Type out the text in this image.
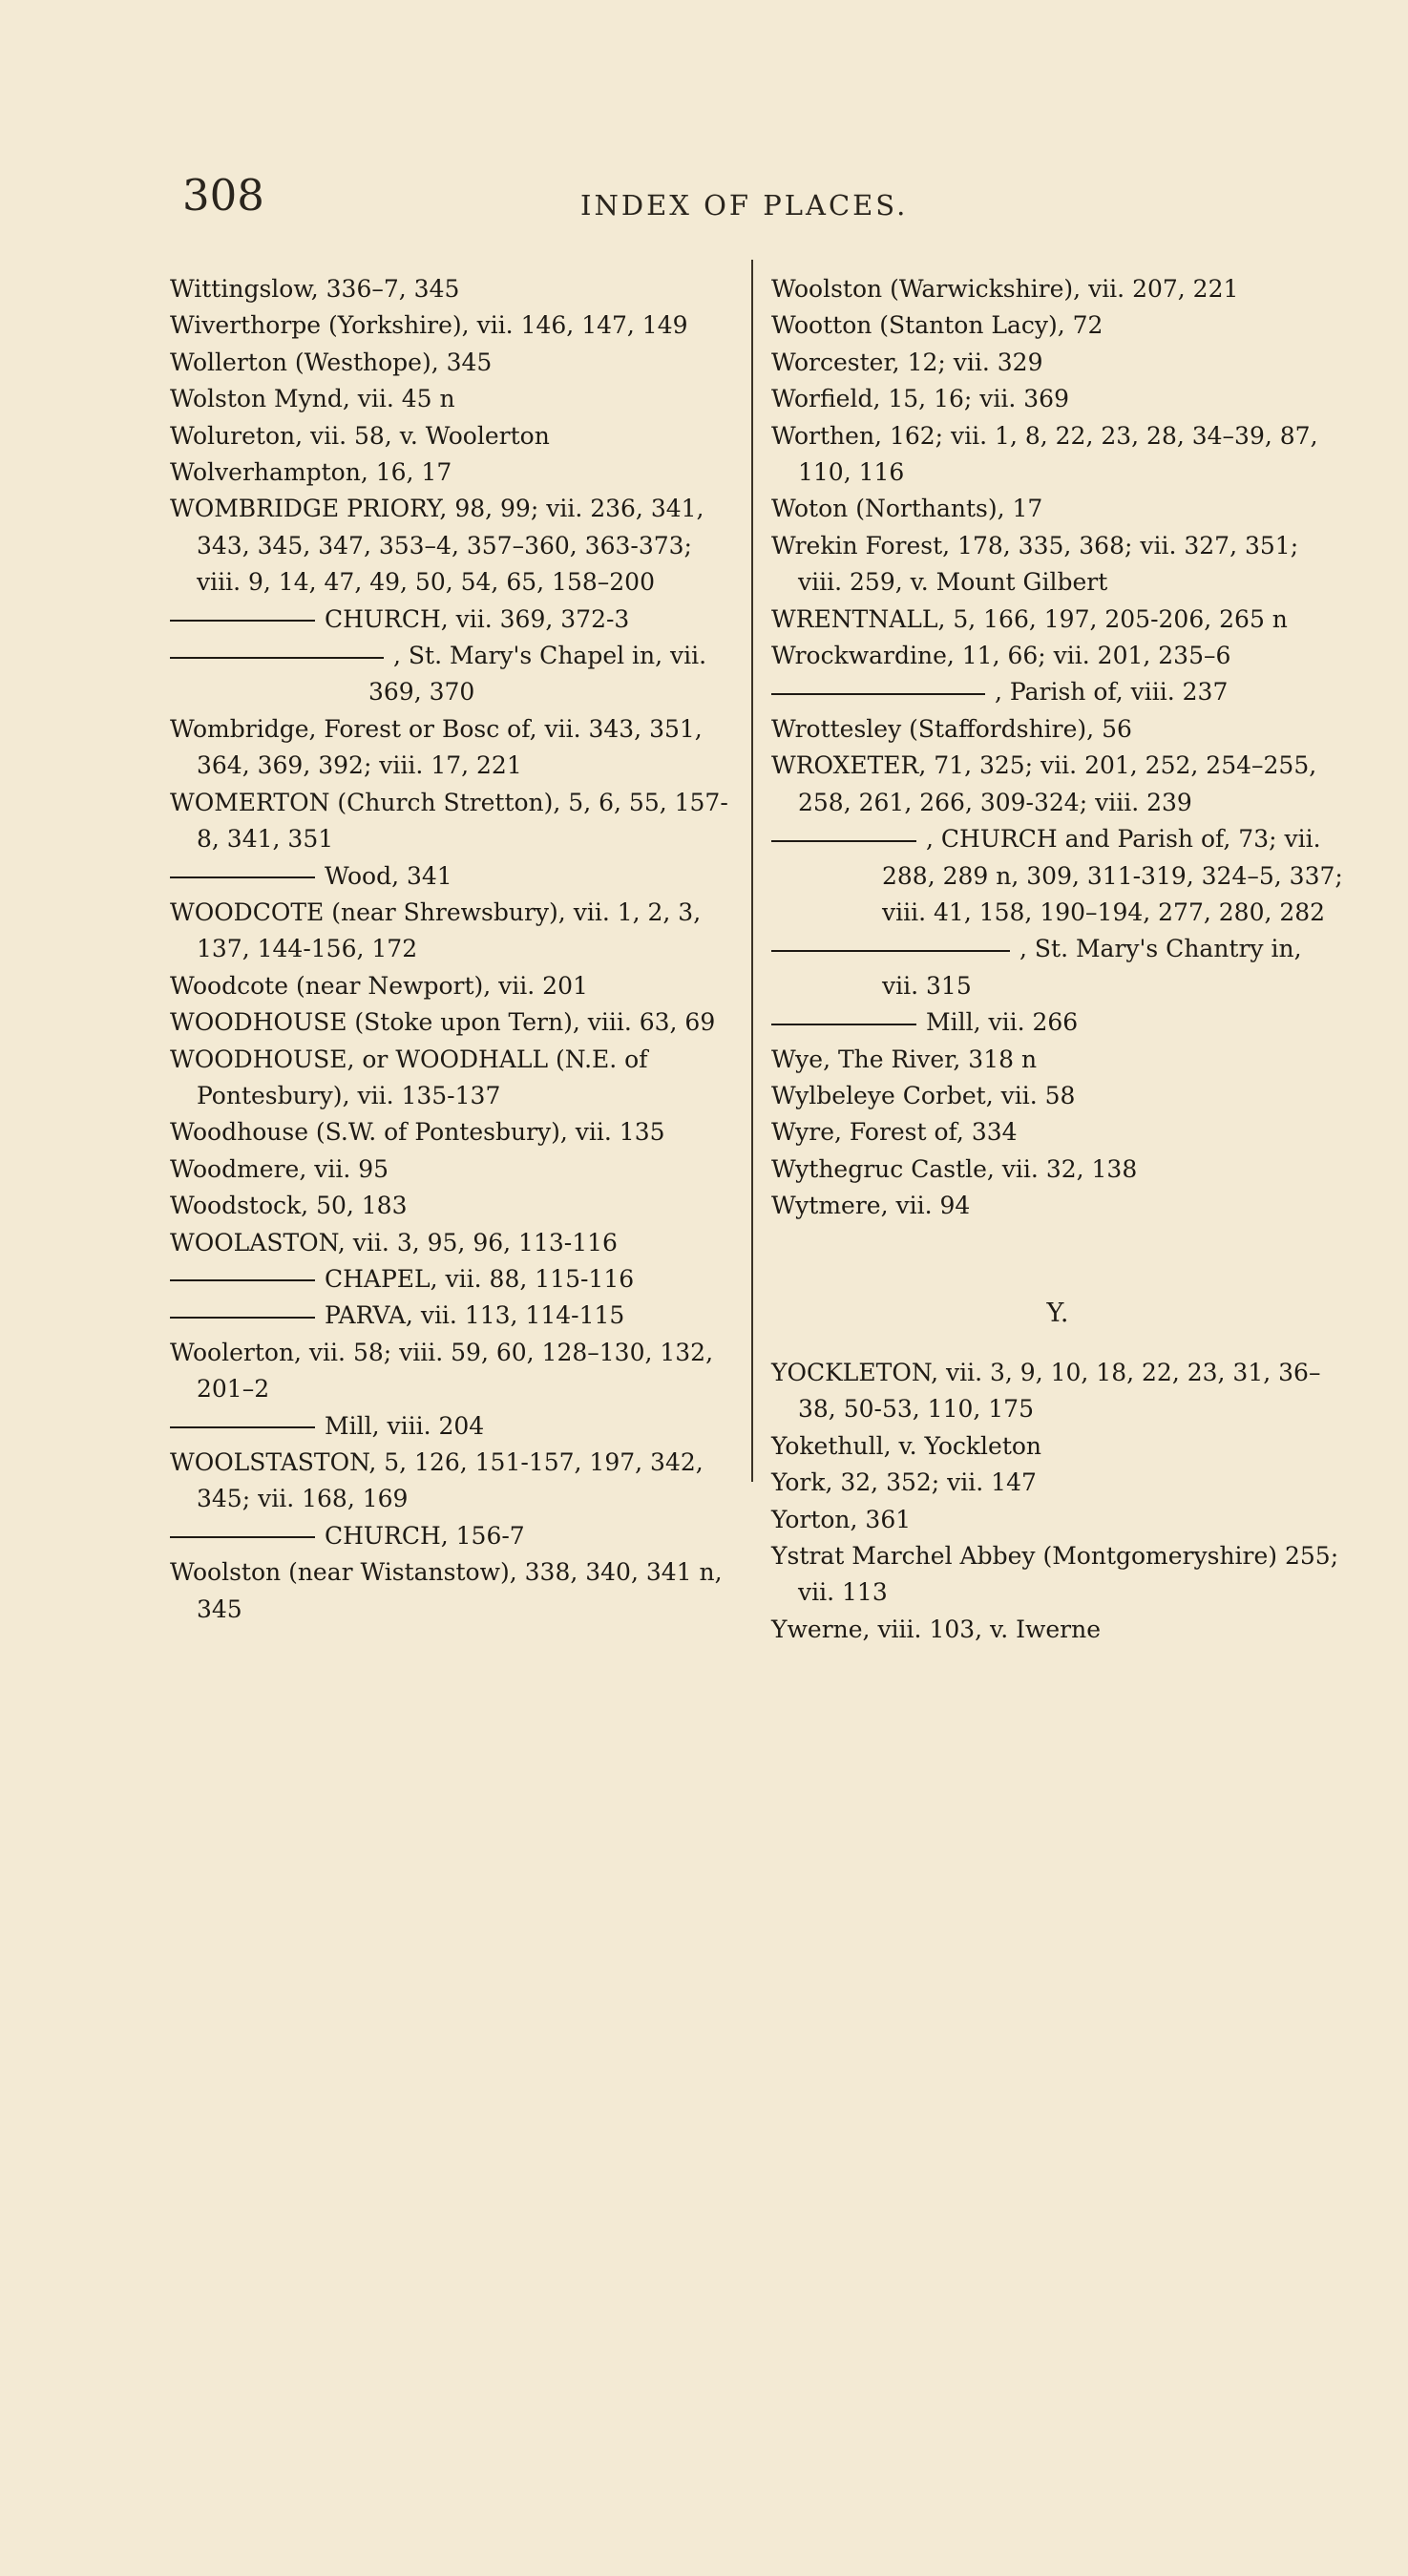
308	INDEX OF PLACES.
Wittingslow, 336–7, 345
Wiverthorpe (Yorkshire), vii. 146, 147, 149
Wollerton (Westhope), 345
Wolston Mynd, vii. 45 n
Wolureton, vii. 58, v. Woolerton
Wolverhampton, 16, 17
WOMBRIDGE PRIORY, 98, 99; vii. 236, 341, 343, 345, 347, 353–4, 357–360, 363-373; viii. 9, 14, 47, 49, 50, 54, 65, 158–200
CHURCH, vii. 369, 372-3
, St. Mary's Chapel in, vii. 369, 370
Wombridge, Forest or Bosc of, vii. 343, 351, 364, 369, 392; viii. 17, 221
WOMERTON (Church Stretton), 5, 6, 55, 157-8, 341, 351
Wood, 341
WOODCOTE (near Shrewsbury), vii. 1, 2, 3, 137, 144-156, 172
Woodcote (near Newport), vii. 201
WOODHOUSE (Stoke upon Tern), viii. 63, 69
WOODHOUSE, or WOODHALL (N.E. of Pontesbury), vii. 135-137
Woodhouse (S.W. of Pontesbury), vii. 135
Woodmere, vii. 95
Woodstock, 50, 183
WOOLASTON, vii. 3, 95, 96, 113-116
CHAPEL, vii. 88, 115-116
PARVA, vii. 113, 114-115
Woolerton, vii. 58; viii. 59, 60, 128–130, 132, 201–2
Mill, viii. 204
WOOLSTASTON, 5, 126, 151-157, 197, 342, 345; vii. 168, 169
CHURCH, 156-7
Woolston (near Wistanstow), 338, 340, 341 n, 345
Woolston (Warwickshire), vii. 207, 221
Wootton (Stanton Lacy), 72
Worcester, 12; vii. 329
Worfield, 15, 16; vii. 369
Worthen, 162; vii. 1, 8, 22, 23, 28, 34–39, 87, 110, 116
Woton (Northants), 17
Wrekin Forest, 178, 335, 368; vii. 327, 351; viii. 259, v. Mount Gilbert
WRENTNALL, 5, 166, 197, 205-206, 265 n
Wrockwardine, 11, 66; vii. 201, 235–6
, Parish of, viii. 237
Wrottesley (Staffordshire), 56
WROXETER, 71, 325; vii. 201, 252, 254–255, 258, 261, 266, 309-324; viii. 239
, CHURCH and Parish of, 73; vii. 288, 289 n, 309, 311-319, 324–5, 337; viii. 41, 158, 190–194, 277, 280, 282
, St. Mary's Chantry in, vii. 315
Mill, vii. 266
Wye, The River, 318 n
Wylbeleye Corbet, vii. 58
Wyre, Forest of, 334
Wythegruc Castle, vii. 32, 138
Wytmere, vii. 94
Y.
YOCKLETON, vii. 3, 9, 10, 18, 22, 23, 31, 36–38, 50-53, 110, 175
Yokethull, v. Yockleton
York, 32, 352; vii. 147
Yorton, 361
Ystrat Marchel Abbey (Montgomeryshire) 255; vii. 113
Ywerne, viii. 103, v. Iwerne
